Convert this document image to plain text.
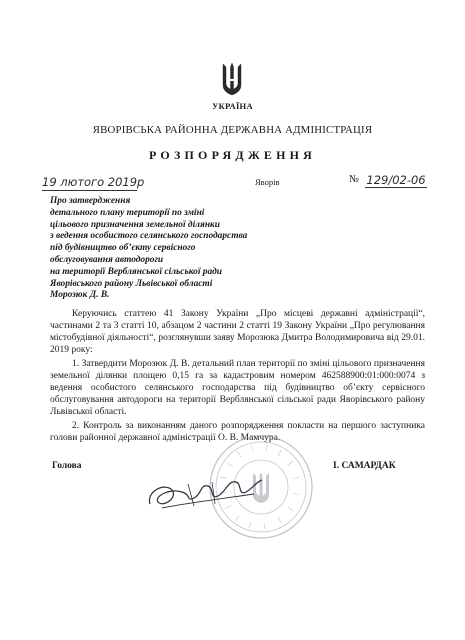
УКРАЇНА
ЯВОРІВСЬКА РАЙОННА ДЕРЖАВНА АДМІНІСТРАЦІЯ
РОЗПОРЯДЖЕННЯ
19 лютого 2019р	Яворів	№ 129/02-06
Про затвердження
детального плану території по зміні
цільового призначення земельної ділянки
з ведення особистого селянського господарства
під будівництво об’єкту сервісного
обслуговування автодороги
на території Верблянської сільської ради
Яворівського району Львівської області
Морозюк Д. В.

Керуючись статтею 41 Закону України „Про місцеві державні адміністрації“, частинами 2 та 3 статті 10, абзацом 2 частини 2 статті 19 Закону України „Про регулювання містобудівної діяльності“, розглянувши заяву Морозюка Дмитра Володимировича від 29.01. 2019 року:

1. Затвердити Морозюк Д. В. детальний план території по зміні цільового призначення земельної ділянки площею 0,15 га за кадастровим номером 462588900:01:000:0074 з ведення особистого селянського господарства під будівництво об’єкту сервісного обслуговування автодороги на території Верблянської сільської ради Яворівського району Львівської області.

2. Контроль за виконанням даного розпорядження покласти на першого заступника голови районної державної адміністрації О. В. Мамчура.

Голова	І. САМАРДАК
